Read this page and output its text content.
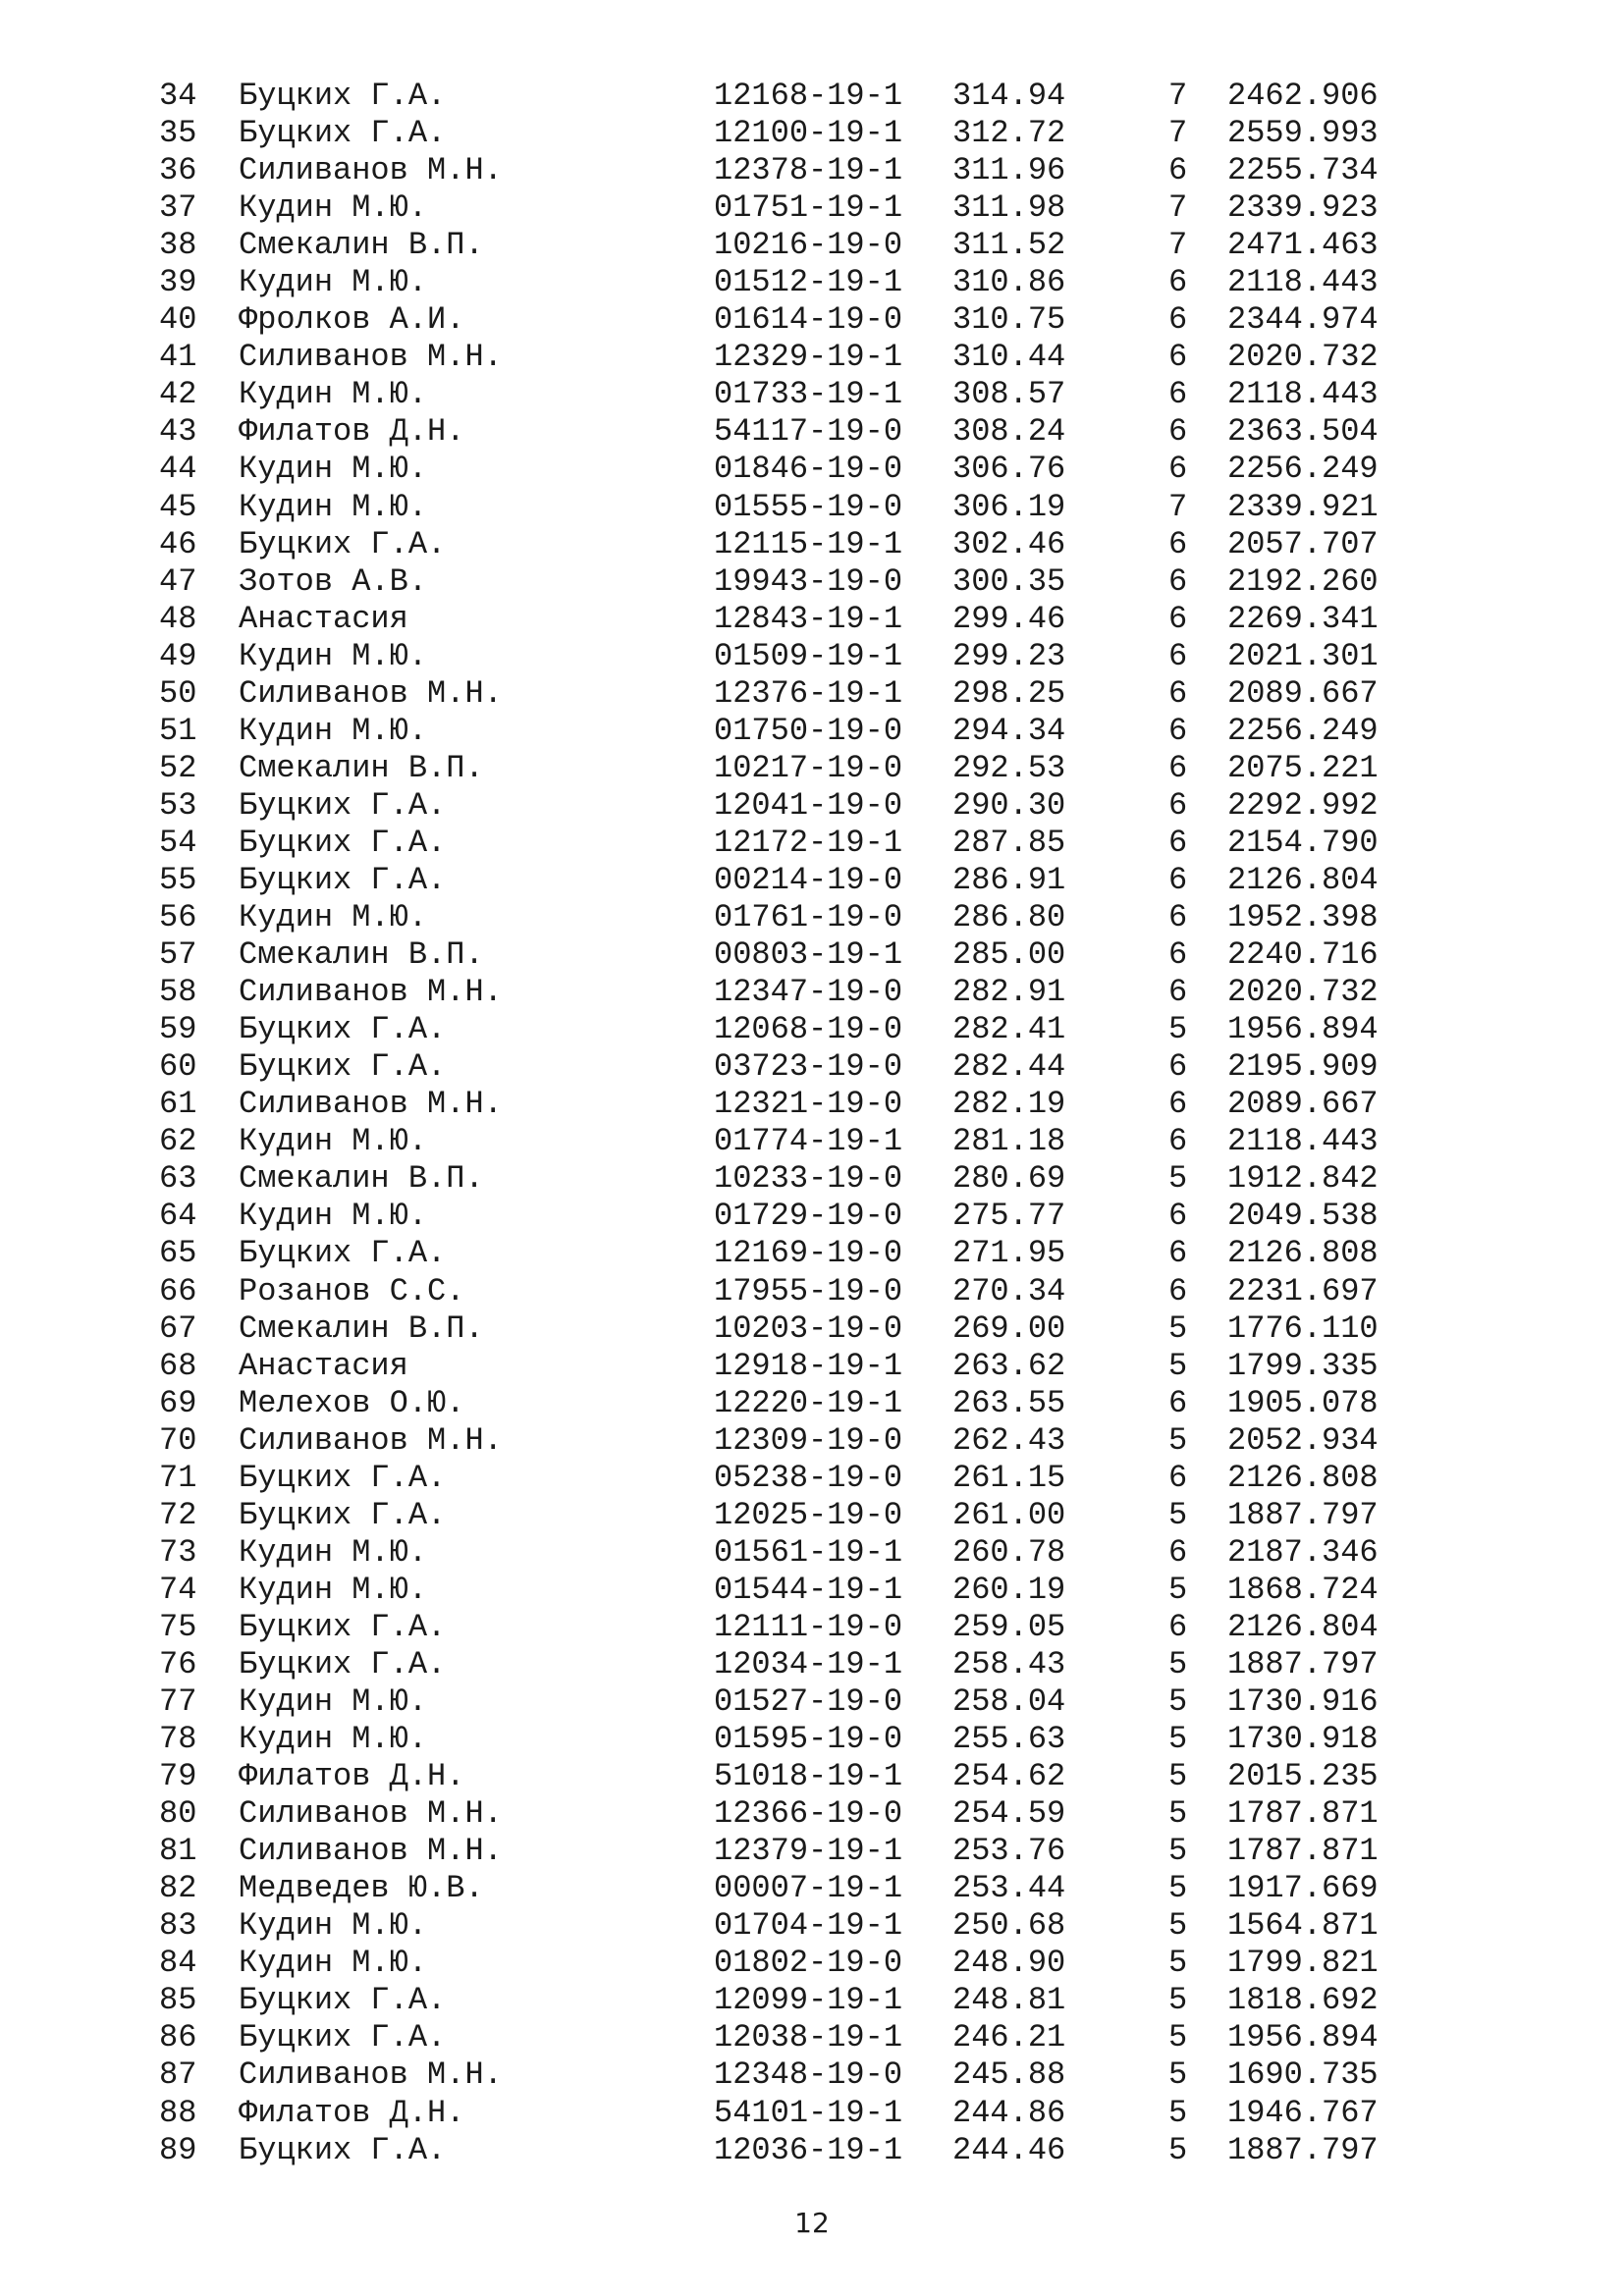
34 Буцких Г.А.	12168-19-1 314.94	7 2462.906
35 Буцких Г.А.	12100-19-1 312.72	7 2559.993
36 Силиванов М.Н.	12378-19-1 311.96	6 2255.734
37 Кудин М.Ю.	01751-19-1 311.98	7 2339.923
38 Смекалин В.П.	10216-19-0 311.52	7 2471.463
39 Кудин М.Ю.	01512-19-1 310.86	6 2118.443
40 Фролков А.И.	01614-19-0 310.75	6 2344.974
41 Силиванов М.Н.	12329-19-1 310.44	6 2020.732
42 Кудин М.Ю.	01733-19-1 308.57	6 2118.443
43 Филатов Д.Н.	54117-19-0 308.24	6 2363.504
44 Кудин М.Ю.	01846-19-0 306.76	6 2256.249
45 Кудин М.Ю.	01555-19-0 306.19	7 2339.921
46 Буцких Г.А.	12115-19-1 302.46	6 2057.707
47 Зотов А.В.	19943-19-0 300.35	6 2192.260
48 Анастасия	12843-19-1 299.46	6 2269.341
49 Кудин М.Ю.	01509-19-1 299.23	6 2021.301
50 Силиванов М.Н.	12376-19-1 298.25	6 2089.667
51 Кудин М.Ю.	01750-19-0 294.34	6 2256.249
52 Смекалин В.П.	10217-19-0 292.53	6 2075.221
53 Буцких Г.А.	12041-19-0 290.30	6 2292.992
54 Буцких Г.А.	12172-19-1 287.85	6 2154.790
55 Буцких Г.А.	00214-19-0 286.91	6 2126.804
56 Кудин М.Ю.	01761-19-0 286.80	6 1952.398
57 Смекалин В.П.	00803-19-1 285.00	6 2240.716
58 Силиванов М.Н.	12347-19-0 282.91	6 2020.732
59 Буцких Г.А.	12068-19-0 282.41	5 1956.894
60 Буцких Г.А.	03723-19-0 282.44	6 2195.909
61 Силиванов М.Н.	12321-19-0 282.19	6 2089.667
62 Кудин М.Ю.	01774-19-1 281.18	6 2118.443
63 Смекалин В.П.	10233-19-0 280.69	5 1912.842
64 Кудин М.Ю.	01729-19-0 275.77	6 2049.538
65 Буцких Г.А.	12169-19-0 271.95	6 2126.808
66 Розанов С.С.	17955-19-0 270.34	6 2231.697
67 Смекалин В.П.	10203-19-0 269.00	5 1776.110
68 Анастасия	12918-19-1 263.62	5 1799.335
69 Мелехов О.Ю.	12220-19-1 263.55	6 1905.078
70 Силиванов М.Н.	12309-19-0 262.43	5 2052.934
71 Буцких Г.А.	05238-19-0 261.15	6 2126.808
72 Буцких Г.А.	12025-19-0 261.00	5 1887.797
73 Кудин М.Ю.	01561-19-1 260.78	6 2187.346
74 Кудин М.Ю.	01544-19-1 260.19	5 1868.724
75 Буцких Г.А.	12111-19-0 259.05	6 2126.804
76 Буцких Г.А.	12034-19-1 258.43	5 1887.797
77 Кудин М.Ю.	01527-19-0 258.04	5 1730.916
78 Кудин М.Ю.	01595-19-0 255.63	5 1730.918
79 Филатов Д.Н.	51018-19-1 254.62	5 2015.235
80 Силиванов М.Н.	12366-19-0 254.59	5 1787.871
81 Силиванов М.Н.	12379-19-1 253.76	5 1787.871
82 Медведев Ю.В.	00007-19-1 253.44	5 1917.669
83 Кудин М.Ю.	01704-19-1 250.68	5 1564.871
84 Кудин М.Ю.	01802-19-0 248.90	5 1799.821
85 Буцких Г.А.	12099-19-1 248.81	5 1818.692
86 Буцких Г.А.	12038-19-1 246.21	5 1956.894
87 Силиванов М.Н.	12348-19-0 245.88	5 1690.735
88 Филатов Д.Н.	54101-19-1 244.86	5 1946.767
89 Буцких Г.А.	12036-19-1 244.46	5 1887.797
12
